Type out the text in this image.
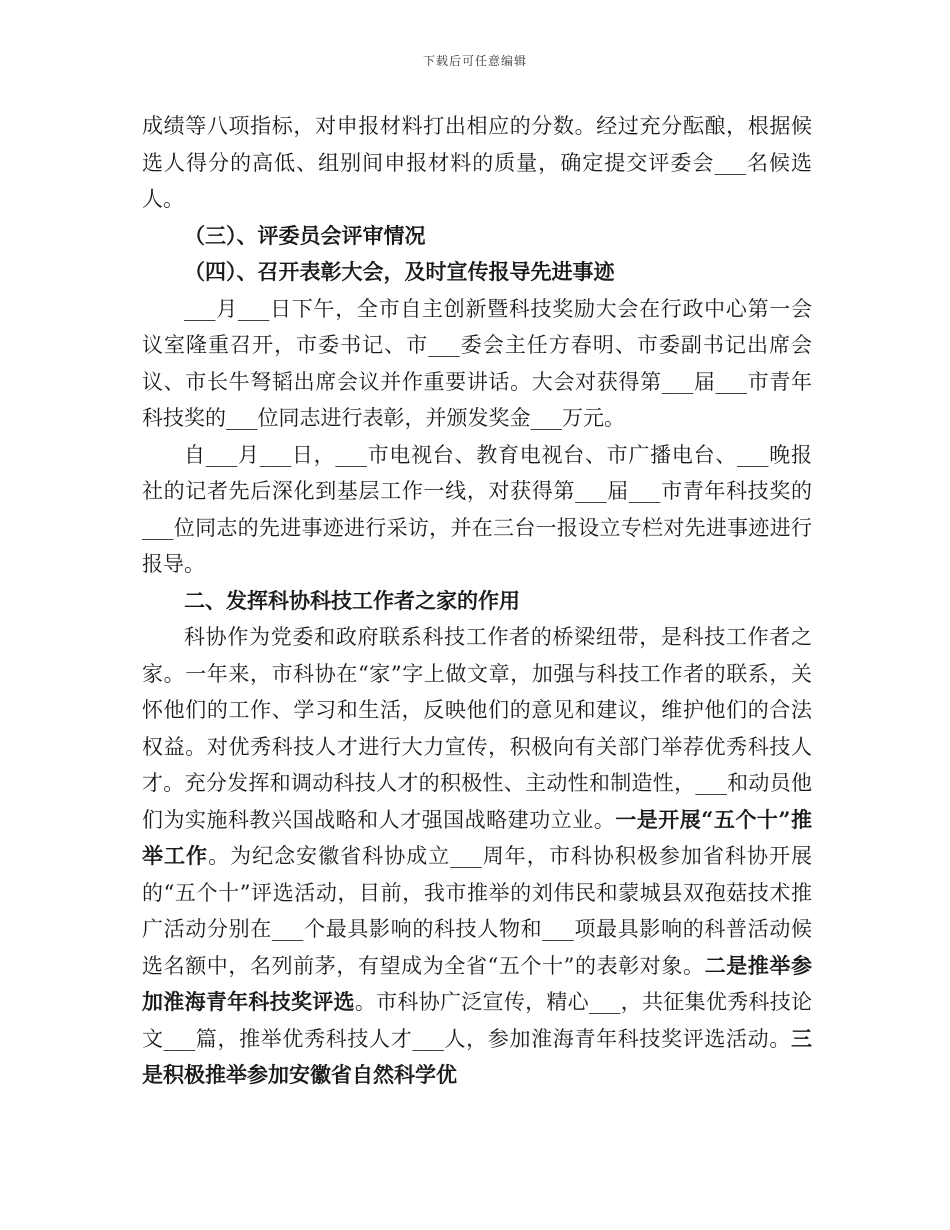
下载后可任意编辑

成绩等八项指标，对申报材料打出相应的分数。经过充分酝酿，根据候选人得分的高低、组别间申报材料的质量，确定提交评委会___名候选人。

（三）、评委员会评审情况

（四）、召开表彰大会，及时宣传报导先进事迹

___月___日下午，全市自主创新暨科技奖励大会在行政中心第一会议室隆重召开，市委书记、市___委会主任方春明、市委副书记出席会议、市长牛弩韬出席会议并作重要讲话。大会对获得第___届___市青年科技奖的___位同志进行表彰，并颁发奖金___万元。

自___月___日，___市电视台、教育电视台、市广播电台、___晚报社的记者先后深化到基层工作一线，对获得第___届___市青年科技奖的___位同志的先进事迹进行采访，并在三台一报设立专栏对先进事迹进行报导。

二、发挥科协科技工作者之家的作用

科协作为党委和政府联系科技工作者的桥梁纽带，是科技工作者之家。一年来，市科协在“家”字上做文章，加强与科技工作者的联系，关怀他们的工作、学习和生活，反映他们的意见和建议，维护他们的合法权益。对优秀科技人才进行大力宣传，积极向有关部门举荐优秀科技人才。充分发挥和调动科技人才的积极性、主动性和制造性，___和动员他们为实施科教兴国战略和人才强国战略建功立业。一是开展“五个十”推举工作。为纪念安徽省科协成立___周年，市科协积极参加省科协开展的“五个十”评选活动，目前，我市推举的刘伟民和蒙城县双孢菇技术推广活动分别在___个最具影响的科技人物和___项最具影响的科普活动候选名额中，名列前茅，有望成为全省“五个十”的表彰对象。二是推举参加淮海青年科技奖评选。市科协广泛宣传，精心___，共征集优秀科技论文___篇，推举优秀科技人才___人，参加淮海青年科技奖评选活动。三是积极推举参加安徽省自然科学优
